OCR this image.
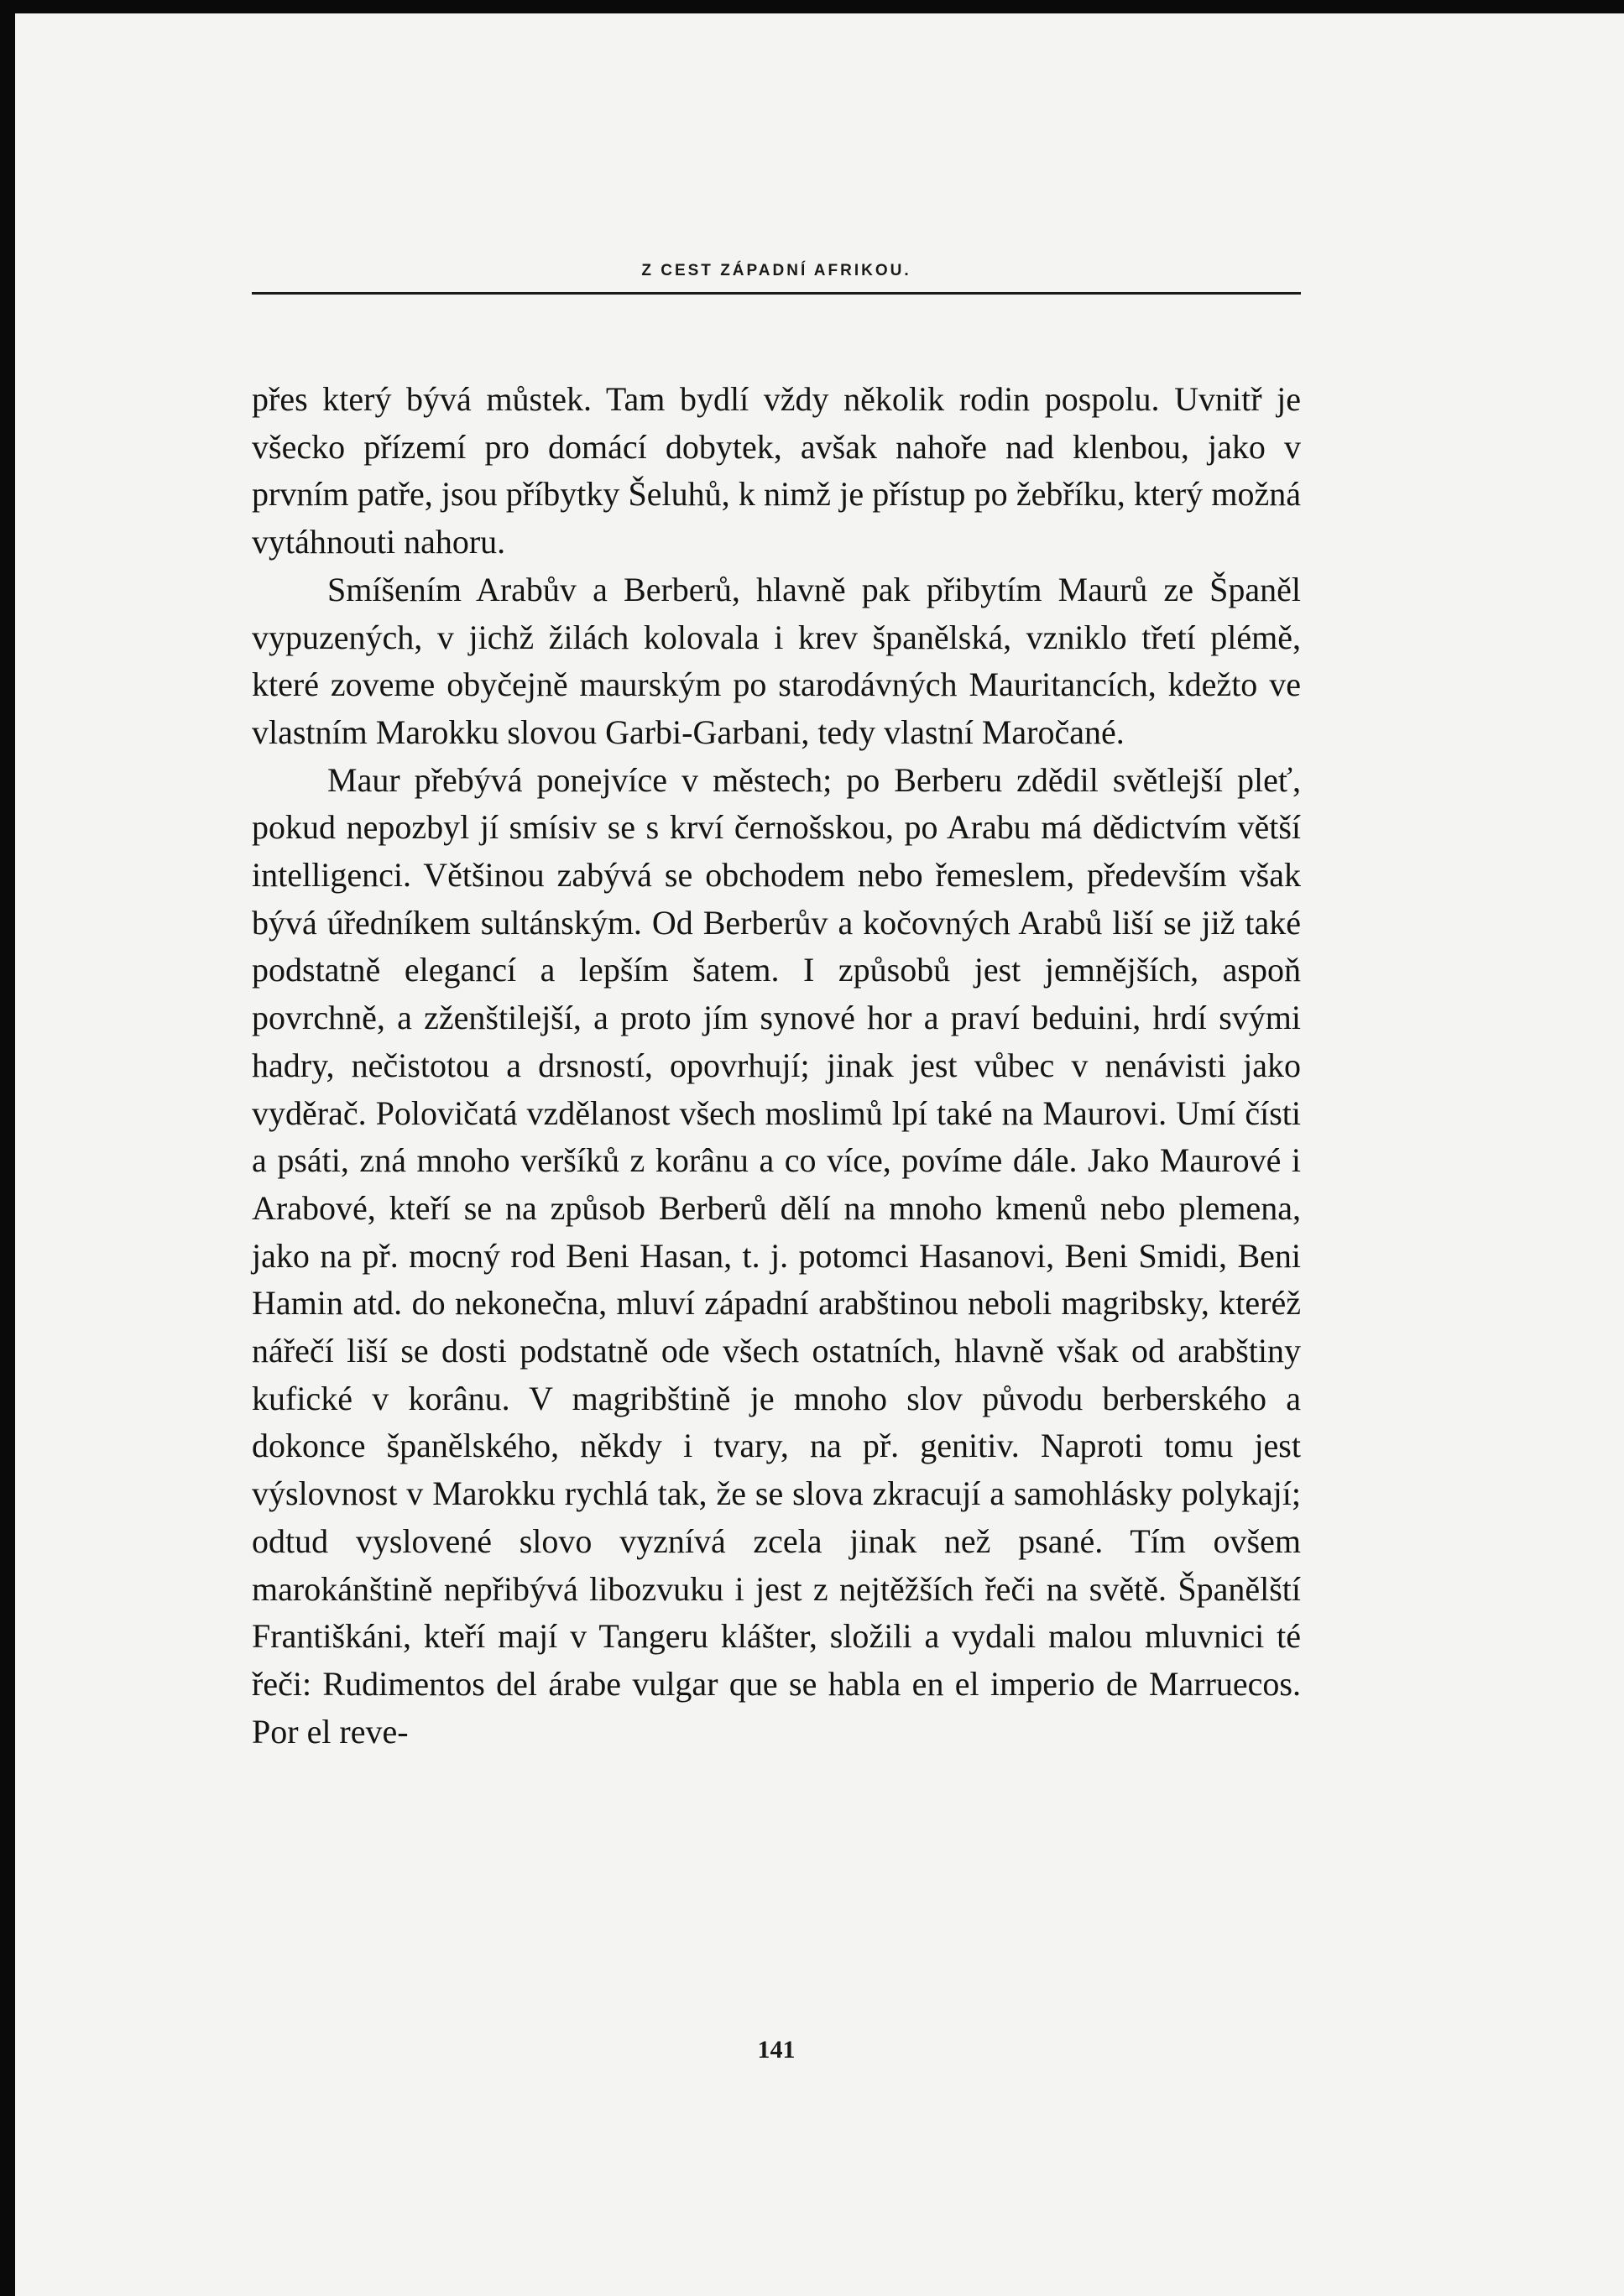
Z CEST ZÁPADNÍ AFRIKOU.

přes který bývá můstek. Tam bydlí vždy několik rodin pospolu. Uvnitř je všecko přízemí pro domácí dobytek, avšak nahoře nad klenbou, jako v prvním patře, jsou příbytky Šeluhů, k nimž je přístup po žebříku, který možná vytáhnouti nahoru.

Smíšením Arabův a Berberů, hlavně pak přibytím Maurů ze Španěl vypuzených, v jichž žilách kolovala i krev španělská, vzniklo třetí plémě, které zoveme obyčejně maurským po starodávných Mauritancích, kdežto ve vlastním Marokku slovou Garbi-Garbani, tedy vlastní Maročané.

Maur přebývá ponejvíce v městech; po Berberu zdědil světlejší pleť, pokud nepozbyl jí smísiv se s krví černošskou, po Arabu má dědictvím větší intelligenci. Většinou zabývá se obchodem nebo řemeslem, především však bývá úředníkem sultánským. Od Berberův a kočovných Arabů liší se již také podstatně elegancí a lepším šatem. I způsobů jest jemnějších, aspoň povrchně, a zženštilejší, a proto jím synové hor a praví beduini, hrdí svými hadry, nečistotou a drsností, opovrhují; jinak jest vůbec v nenávisti jako vyděrač. Polovičatá vzdělanost všech moslimů lpí také na Maurovi. Umí čísti a psáti, zná mnoho veršíků z korânu a co více, povíme dále. Jako Maurové i Arabové, kteří se na způsob Berberů dělí na mnoho kmenů nebo plemena, jako na př. mocný rod Beni Hasan, t. j. potomci Hasanovi, Beni Smidi, Beni Hamin atd. do nekonečna, mluví západní arabštinou neboli magribsky, kteréž nářečí liší se dosti podstatně ode všech ostatních, hlavně však od arabštiny kufické v korânu. V magribštině je mnoho slov původu berberského a dokonce španělského, někdy i tvary, na př. genitiv. Naproti tomu jest výslovnost v Marokku rychlá tak, že se slova zkracují a samohlásky polykají; odtud vyslovené slovo vyznívá zcela jinak než psané. Tím ovšem marokánštině nepřibývá libozvuku i jest z nejtěžších řeči na světě. Španělští Františkáni, kteří mají v Tangeru klášter, složili a vydali malou mluvnici té řeči: Rudimentos del árabe vulgar que se habla en el imperio de Marruecos. Por el reve-

141
